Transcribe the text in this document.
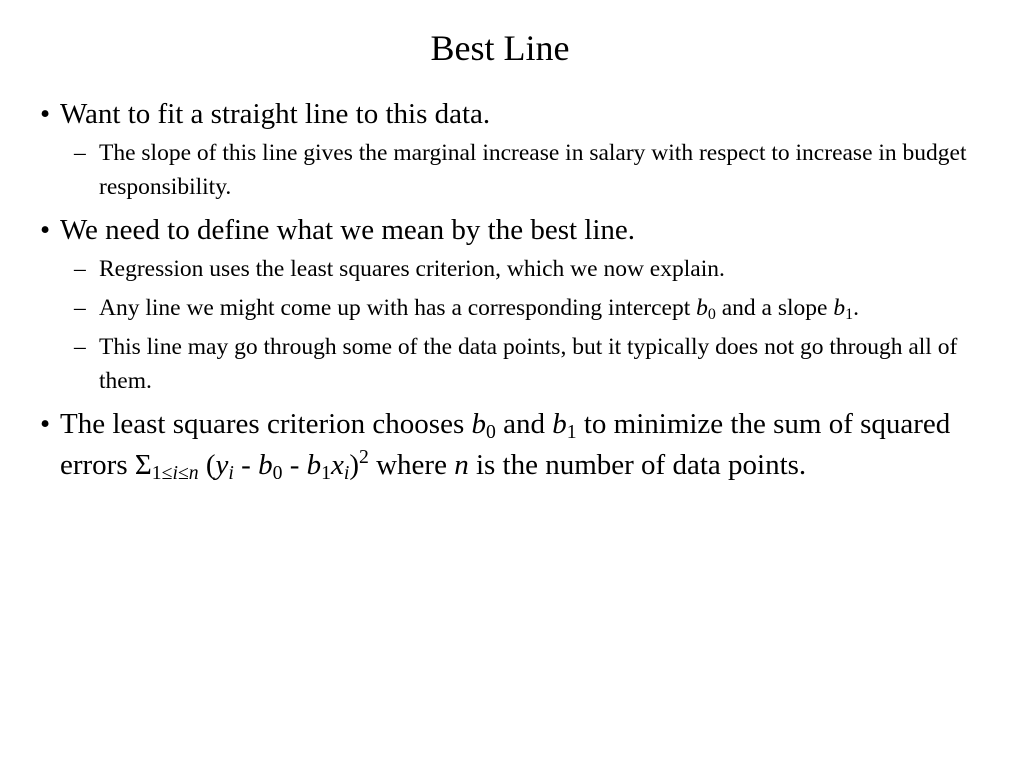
Best Line
• Want to fit a straight line to this data.
– The slope of this line gives the marginal increase in salary with respect to increase in budget responsibility.
• We need to define what we mean by the best line.
– Regression uses the least squares criterion, which we now explain.
– Any line we might come up with has a corresponding intercept $b_0$ and a slope $b_1$.
– This line may go through some of the data points, but it typically does not go through all of them.
• The least squares criterion chooses $b_0$ and $b_1$ to minimize the sum of squared errors $\Sigma_{1\le i\le n}$ $(y_i - b_0 - b_1x_i)^2$ where n is the number of data points.
